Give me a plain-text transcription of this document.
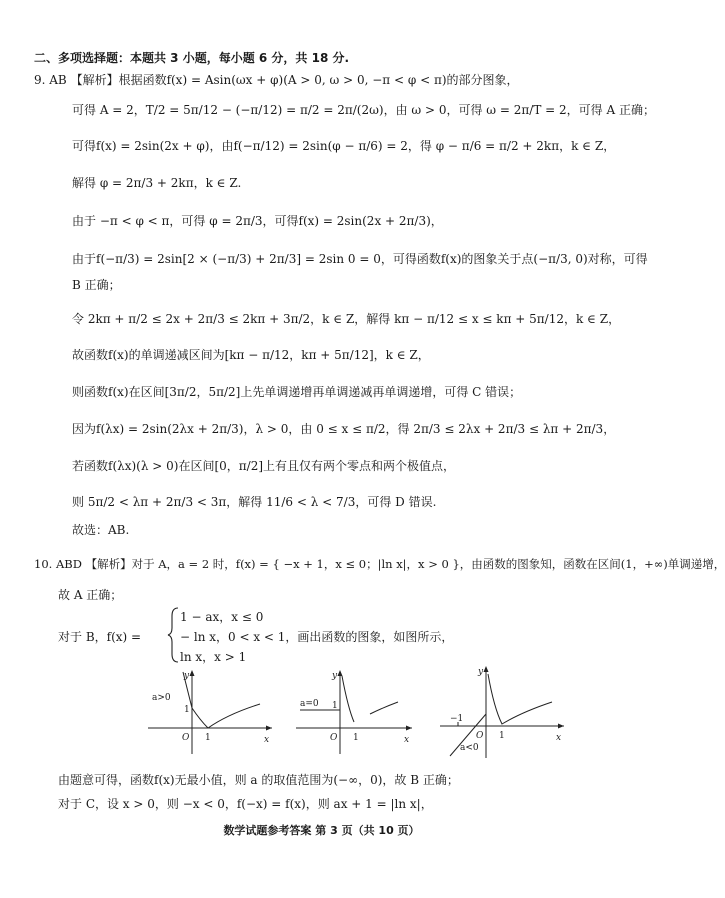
二、多项选择题：本题共 3 小题，每小题 6 分，共 18 分.
9. AB 【解析】根据函数f(x) = Asin(ωx + φ)(A > 0, ω > 0, −π < φ < π)的部分图象，
可得 A = 2，T/2 = 5π/12 − (−π/12) = π/2 = 2π/(2ω)，由 ω > 0，可得 ω = 2π/T = 2，可得 A 正确；
可得f(x) = 2sin(2x + φ)，由f(−π/12) = 2sin(φ − π/6) = 2，得 φ − π/6 = π/2 + 2kπ，k ∈ Z，
解得 φ = 2π/3 + 2kπ，k ∈ Z.
由于 −π < φ < π，可得 φ = 2π/3，可得f(x) = 2sin(2x + 2π/3)，
由于f(−π/3) = 2sin[2 × (−π/3) + 2π/3] = 2sin 0 = 0，可得函数f(x)的图象关于点(−π/3, 0)对称，可得
B 正确；
令 2kπ + π/2 ≤ 2x + 2π/3 ≤ 2kπ + 3π/2，k ∈ Z，解得 kπ − π/12 ≤ x ≤ kπ + 5π/12，k ∈ Z，
故函数f(x)的单调递减区间为[kπ − π/12，kπ + 5π/12]，k ∈ Z，
则函数f(x)在区间[3π/2，5π/2]上先单调递增再单调递减再单调递增，可得 C 错误；
因为f(λx) = 2sin(2λx + 2π/3)，λ > 0，由 0 ≤ x ≤ π/2，得 2π/3 ≤ 2λx + 2π/3 ≤ λπ + 2π/3，
若函数f(λx)(λ > 0)在区间[0，π/2]上有且仅有两个零点和两个极值点，
则 5π/2 < λπ + 2π/3 < 3π，解得 11/6 < λ < 7/3，可得 D 错误.
故选：AB.
10. ABD 【解析】对于 A，a = 2 时，f(x) = { −x + 1，x ≤ 0；|ln x|，x > 0 }，由函数的图象知，函数在区间(1，+∞)单调递增，
故 A 正确；
对于 B，f(x) =
1 − ax，x ≤ 0
− ln x，0 < x < 1，画出函数的图象，如图所示，
ln x，x > 1
a>0
y
x
O 1
1
a=0
y
x
O 1
1
y
x
O 1
−1
a<0
由题意可得，函数f(x)无最小值，则 a 的取值范围为(−∞，0)，故 B 正确；
对于 C，设 x > 0，则 −x < 0，f(−x) = f(x)，则 ax + 1 = |ln x|，
数学试题参考答案 第 3 页（共 10 页）
